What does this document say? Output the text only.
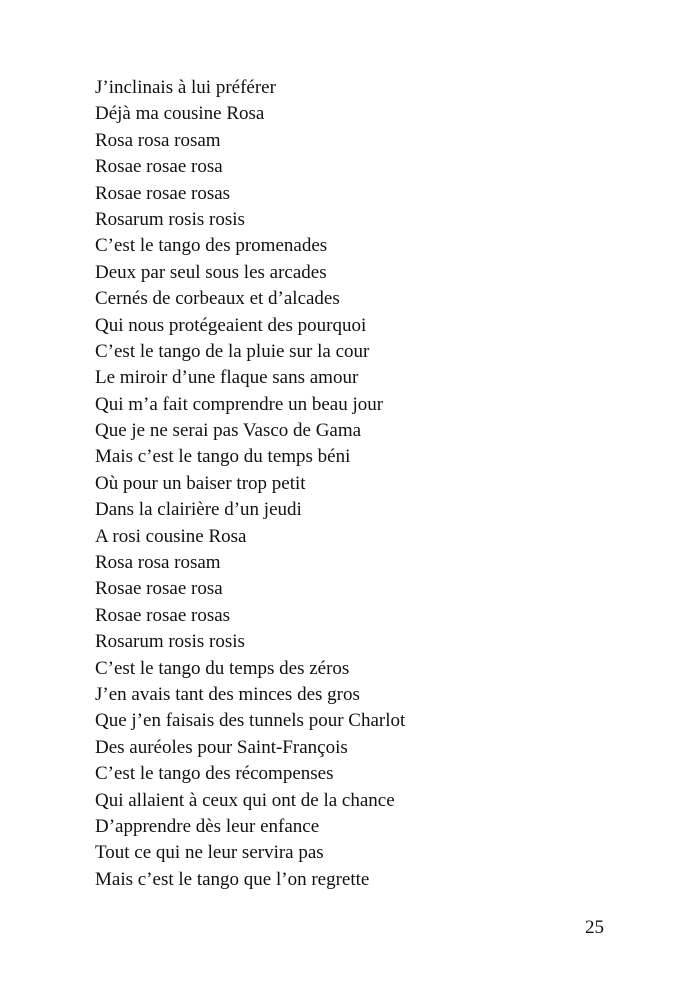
J’inclinais à lui préférer
Déjà ma cousine Rosa
Rosa rosa rosam
Rosae rosae rosa
Rosae rosae rosas
Rosarum rosis rosis
C’est le tango des promenades
Deux par seul sous les arcades
Cernés de corbeaux et d’alcades
Qui nous protégeaient des pourquoi
C’est le tango de la pluie sur la cour
Le miroir d’une flaque sans amour
Qui m’a fait comprendre un beau jour
Que je ne serai pas Vasco de Gama
Mais c’est le tango du temps béni
Où pour un baiser trop petit
Dans la clairière d’un jeudi
A rosi cousine Rosa
Rosa rosa rosam
Rosae rosae rosa
Rosae rosae rosas
Rosarum rosis rosis
C’est le tango du temps des zéros
J’en avais tant des minces des gros
Que j’en faisais des tunnels pour Charlot
Des auréoles pour Saint-François
C’est le tango des récompenses
Qui allaient à ceux qui ont de la chance
D’apprendre dès leur enfance
Tout ce qui ne leur servira pas
Mais c’est le tango que l’on regrette
25
